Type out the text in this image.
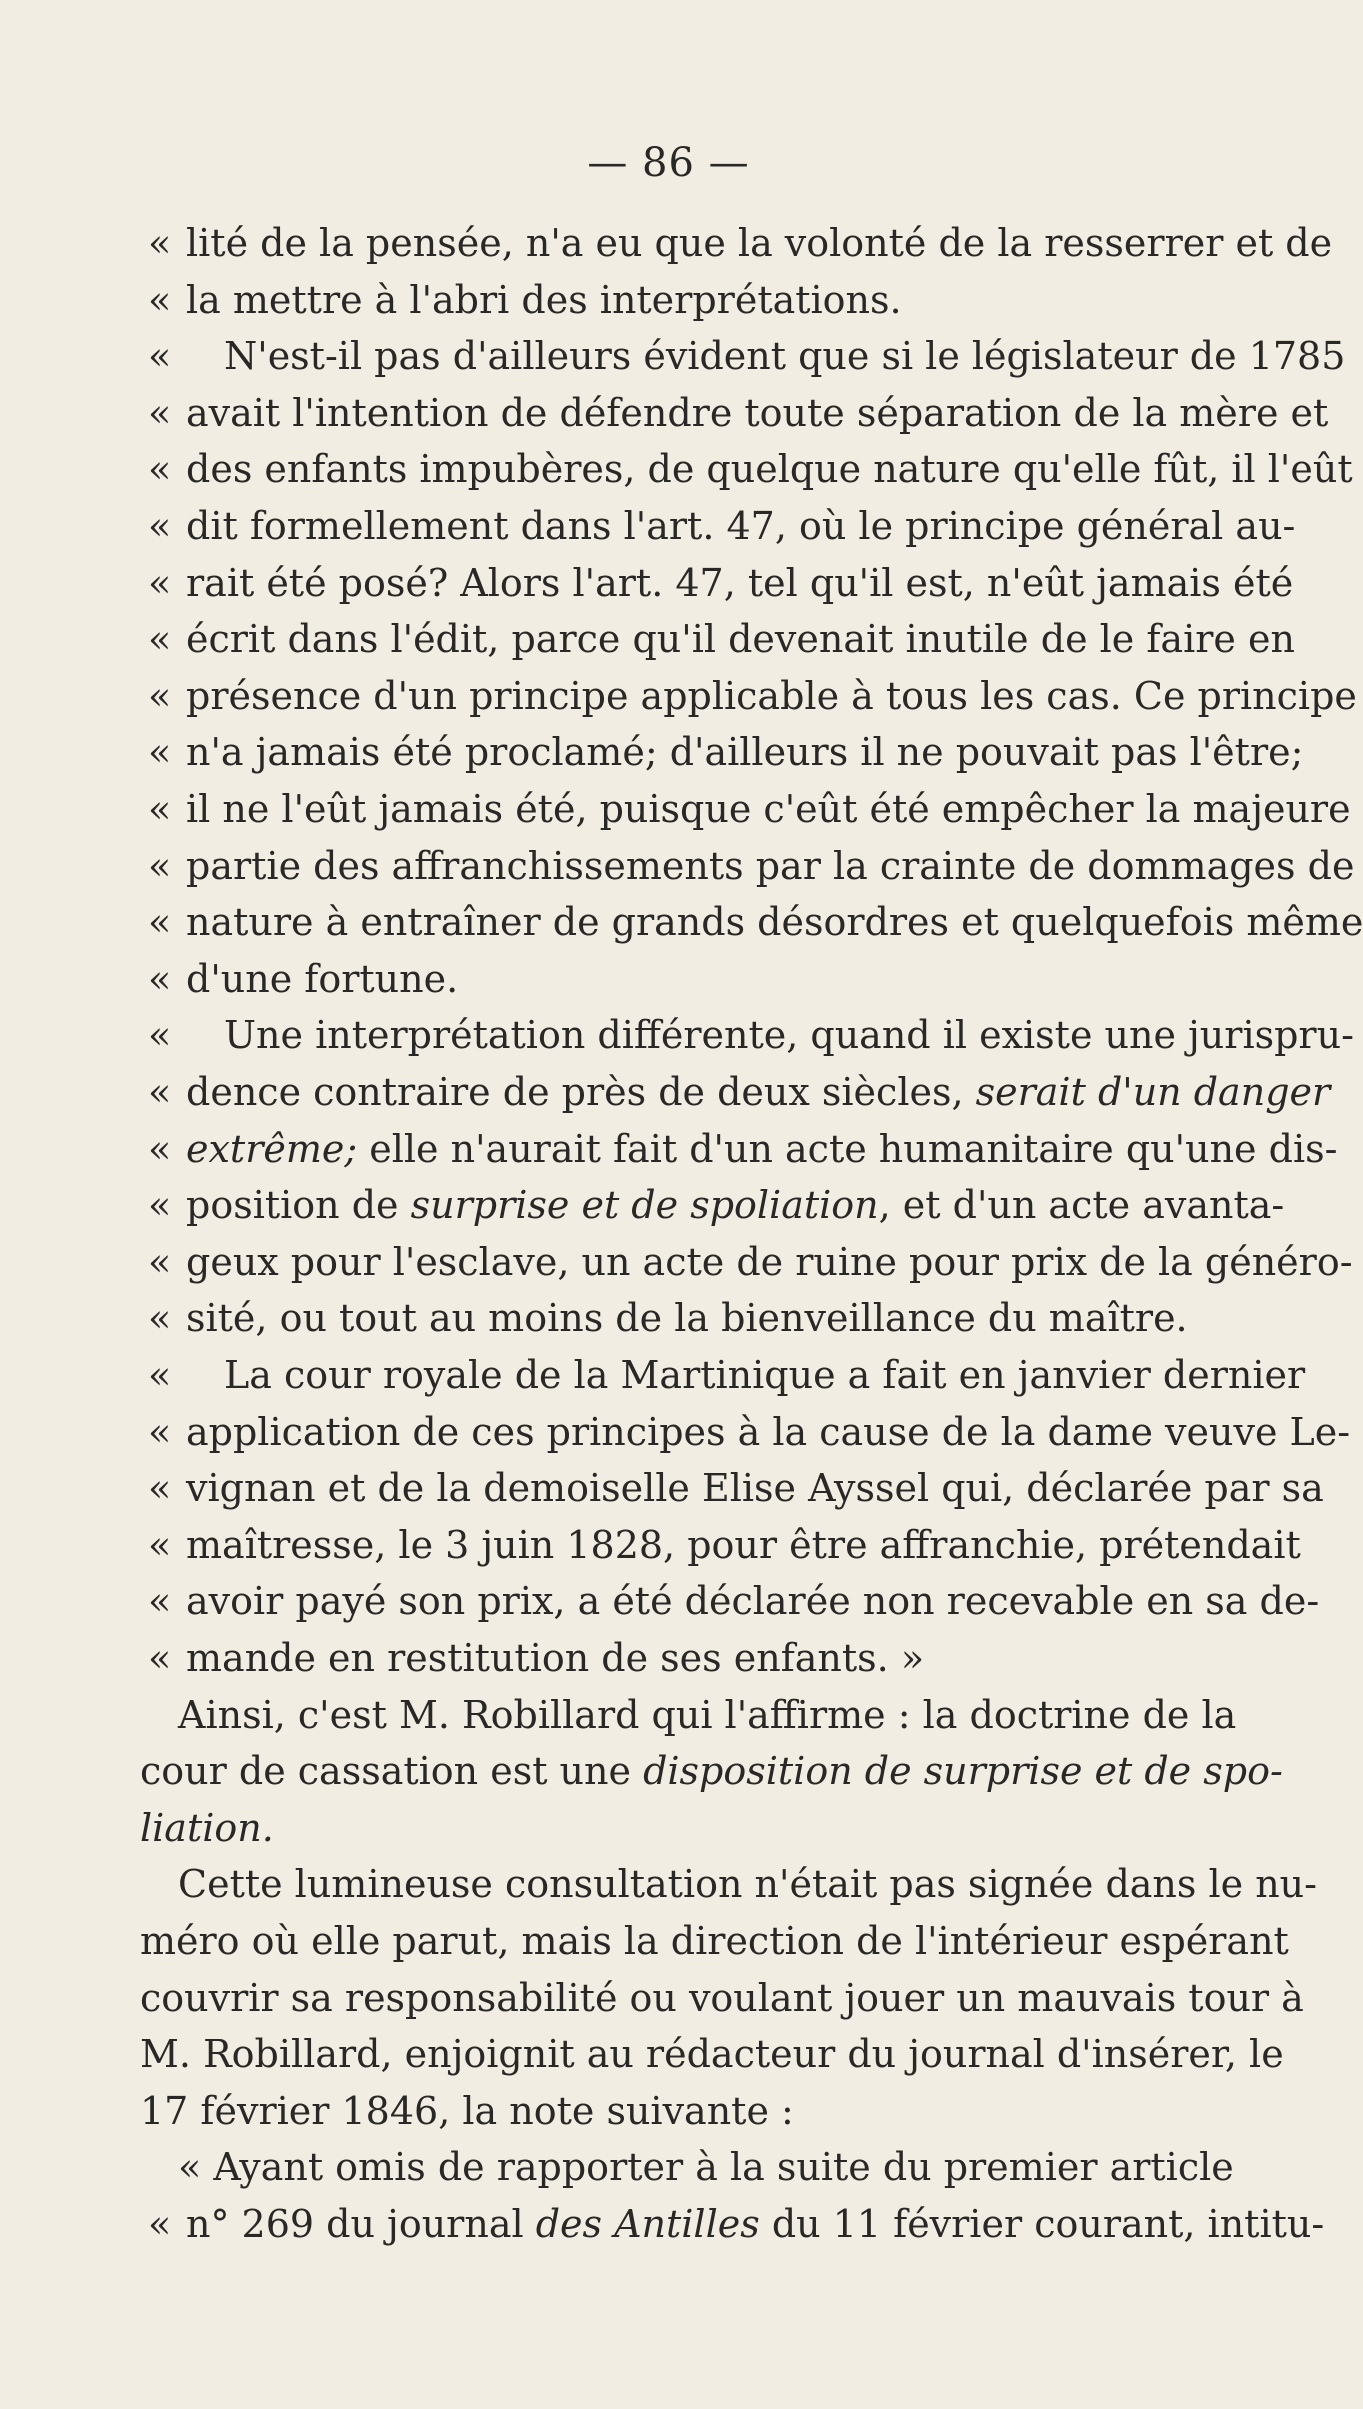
— 86 —
« lité de la pensée, n'a eu que la volonté de la resserrer et de
« la mettre à l'abri des interprétations.
« N'est-il pas d'ailleurs évident que si le législateur de 1785
« avait l'intention de défendre toute séparation de la mère et
« des enfants impubères, de quelque nature qu'elle fût, il l'eût
« dit formellement dans l'art. 47, où le principe général au-
« rait été posé? Alors l'art. 47, tel qu'il est, n'eût jamais été
« écrit dans l'édit, parce qu'il devenait inutile de le faire en
« présence d'un principe applicable à tous les cas. Ce principe
« n'a jamais été proclamé; d'ailleurs il ne pouvait pas l'être;
« il ne l'eût jamais été, puisque c'eût été empêcher la majeure
« partie des affranchissements par la crainte de dommages de
« nature à entraîner de grands désordres et quelquefois même
« d'une fortune.
« Une interprétation différente, quand il existe une jurispru-
« dence contraire de près de deux siècles, serait d'un danger
« extrême; elle n'aurait fait d'un acte humanitaire qu'une dis-
« position de surprise et de spoliation, et d'un acte avanta-
« geux pour l'esclave, un acte de ruine pour prix de la généro-
« sité, ou tout au moins de la bienveillance du maître.
« La cour royale de la Martinique a fait en janvier dernier
« application de ces principes à la cause de la dame veuve Le-
« vignan et de la demoiselle Elise Ayssel qui, déclarée par sa
« maîtresse, le 3 juin 1828, pour être affranchie, prétendait
« avoir payé son prix, a été déclarée non recevable en sa de-
« mande en restitution de ses enfants. »
Ainsi, c'est M. Robillard qui l'affirme : la doctrine de la
cour de cassation est une disposition de surprise et de spo-
liation.
Cette lumineuse consultation n'était pas signée dans le nu-
méro où elle parut, mais la direction de l'intérieur espérant
couvrir sa responsabilité ou voulant jouer un mauvais tour à
M. Robillard, enjoignit au rédacteur du journal d'insérer, le
17 février 1846, la note suivante :
« Ayant omis de rapporter à la suite du premier article
« n° 269 du journal des Antilles du 11 février courant, intitu-
